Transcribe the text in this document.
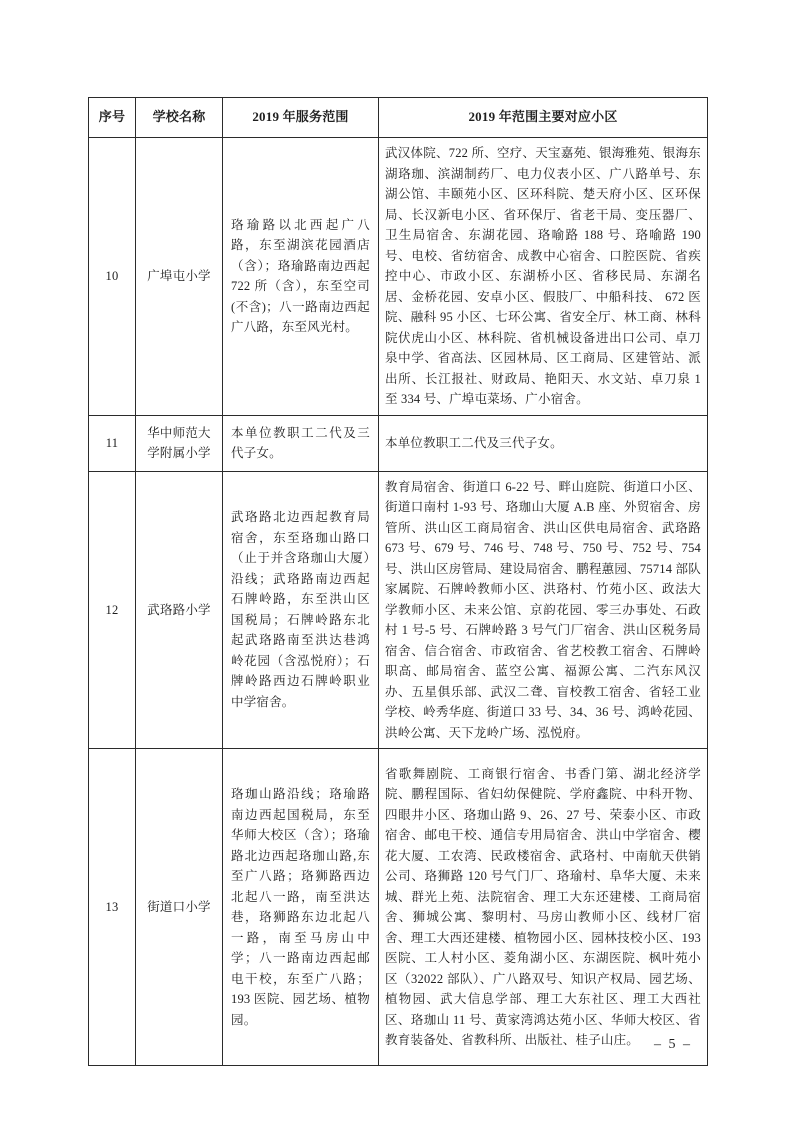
序号	学校名称	2019 年服务范围	2019 年范围主要对应小区
10	广埠屯小学	珞瑜路以北西起广八路，东至湖滨花园酒店（含）；珞瑜路南边西起 722 所（含），东至空司(不含)；八一路南边西起广八路，东至风光村。	武汉体院、722 所、空疗、天宝嘉苑、银海雅苑、银海东湖珞珈、滨湖制药厂、电力仪表小区、广八路单号、东湖公馆、丰颐苑小区、区环科院、楚天府小区、区环保局、长汉新电小区、省环保厅、省老干局、变压器厂、卫生局宿舍、东湖花园、珞喻路 188 号、珞喻路 190 号、电校、省纺宿舍、成教中心宿舍、口腔医院、省疾控中心、市政小区、东湖桥小区、省移民局、东湖名居、金桥花园、安卓小区、假肢厂、中船科技、 672 医院、融科 95 小区、七环公寓、省安全厅、林工商、林科院伏虎山小区、林科院、省机械设备进出口公司、卓刀泉中学、省高法、区园林局、区工商局、区建管站、派出所、长江报社、财政局、艳阳天、水文站、卓刀泉 1 至 334 号、广埠屯菜场、广小宿舍。
11	华中师范大学附属小学	本单位教职工二代及三代子女。	本单位教职工二代及三代子女。
12	武珞路小学	武珞路北边西起教育局宿舍，东至珞珈山路口（止于并含珞珈山大厦）沿线；武珞路南边西起石牌岭路，东至洪山区国税局；石牌岭路东北起武珞路南至洪达巷鸿岭花园（含泓悦府）；石牌岭路西边石牌岭职业中学宿舍。	教育局宿舍、街道口 6-22 号、畔山庭院、街道口小区、街道口南村 1-93 号、珞珈山大厦 A.B 座、外贸宿舍、房管所、洪山区工商局宿舍、洪山区供电局宿舍、武珞路 673 号、679 号、746 号、748 号、750 号、752 号、754 号、洪山区房管局、建设局宿舍、鹏程蕙园、75714 部队家属院、石牌岭教师小区、洪珞村、竹苑小区、政法大学教师小区、未来公馆、京韵花园、零三办事处、石政村 1 号-5 号、石牌岭路 3 号气门厂宿舍、洪山区税务局宿舍、信合宿舍、市政宿舍、省艺校教工宿舍、石牌岭职高、邮局宿舍、蓝空公寓、福源公寓、二汽东风汉办、五星俱乐部、武汉二聋、盲校教工宿舍、省轻工业学校、岭秀华庭、街道口 33 号、34、36 号、鸿岭花园、洪岭公寓、天下龙岭广场、泓悦府。
13	街道口小学	珞珈山路沿线；珞瑜路南边西起国税局，东至华师大校区（含）；珞瑜路北边西起珞珈山路,东至广八路；珞狮路西边北起八一路，南至洪达巷，珞狮路东边北起八一路，南至马房山中学；八一路南边西起邮电干校，东至广八路；193 医院、园艺场、植物园。	省歌舞剧院、工商银行宿舍、书香门第、湖北经济学院、鹏程国际、省妇幼保健院、学府鑫院、中科开物、四眼井小区、珞珈山路 9、26、27 号、荣泰小区、市政宿舍、邮电干校、通信专用局宿舍、洪山中学宿舍、樱花大厦、工农湾、民政楼宿舍、武珞村、中南航天供销公司、珞狮路 120 号气门厂、珞瑜村、阜华大厦、未来城、群光上苑、法院宿舍、理工大东还建楼、工商局宿舍、狮城公寓、黎明村、马房山教师小区、线材厂宿舍、理工大西还建楼、植物园小区、园林技校小区、193 医院、工人村小区、菱角湖小区、东湖医院、枫叶苑小区（32022 部队）、广八路双号、知识产权局、园艺场、植物园、武大信息学部、理工大东社区、理工大西社区、珞珈山 11 号、黄家湾鸿达苑小区、华师大校区、省教育装备处、省教科所、出版社、桂子山庄。 – 5 –
